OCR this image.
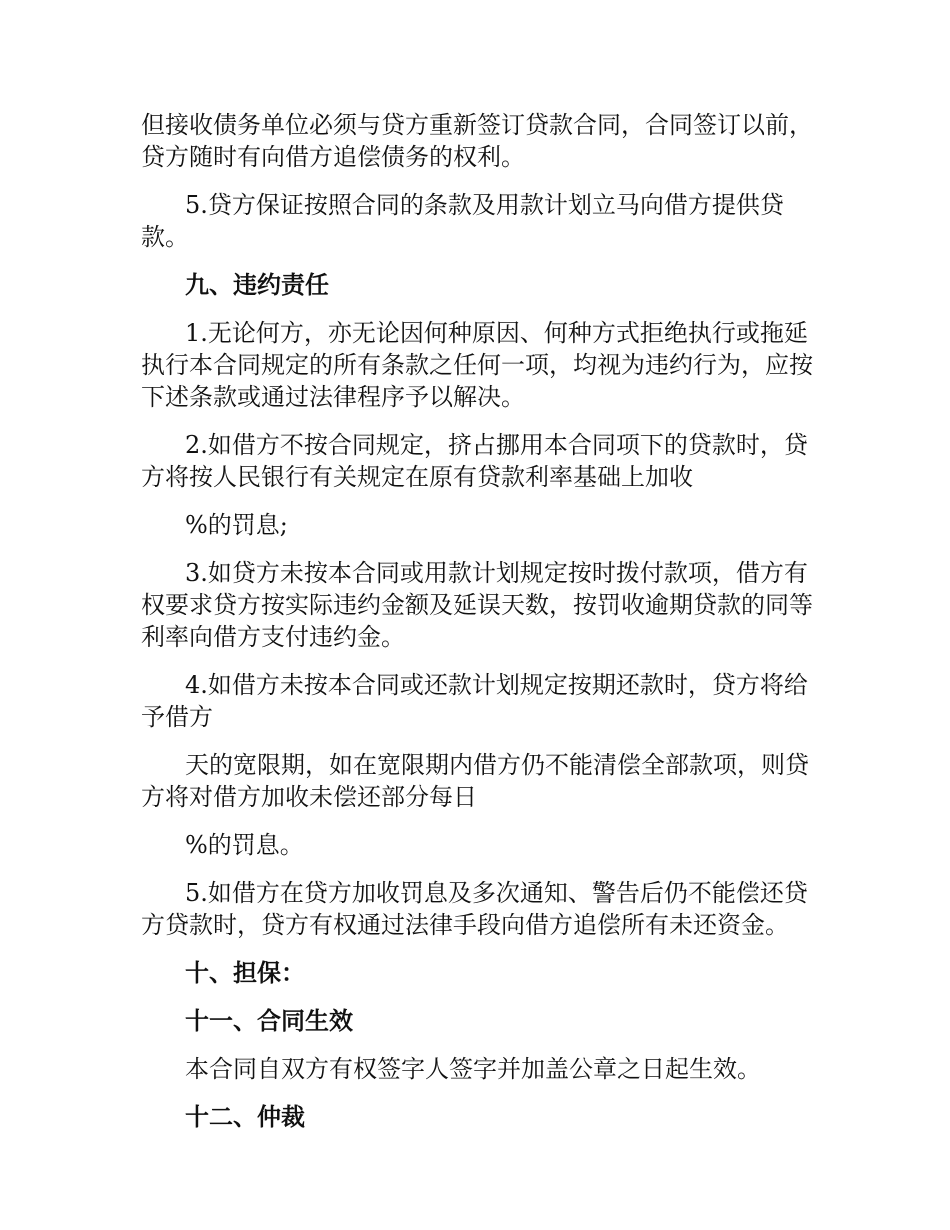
但接收债务单位必须与贷方重新签订贷款合同，合同签订以前，贷方随时有向借方追偿债务的权利。

5.贷方保证按照合同的条款及用款计划立马向借方提供贷款。

九、违约责任

1.无论何方，亦无论因何种原因、何种方式拒绝执行或拖延执行本合同规定的所有条款之任何一项，均视为违约行为，应按下述条款或通过法律程序予以解决。

2.如借方不按合同规定，挤占挪用本合同项下的贷款时，贷方将按人民银行有关规定在原有贷款利率基础上加收

%的罚息;

3.如贷方未按本合同或用款计划规定按时拨付款项，借方有权要求贷方按实际违约金额及延误天数，按罚收逾期贷款的同等利率向借方支付违约金。

4.如借方未按本合同或还款计划规定按期还款时，贷方将给予借方

天的宽限期，如在宽限期内借方仍不能清偿全部款项，则贷方将对借方加收未偿还部分每日

%的罚息。

5.如借方在贷方加收罚息及多次通知、警告后仍不能偿还贷方贷款时，贷方有权通过法律手段向借方追偿所有未还资金。

十、担保：

十一、合同生效

本合同自双方有权签字人签字并加盖公章之日起生效。

十二、仲裁
